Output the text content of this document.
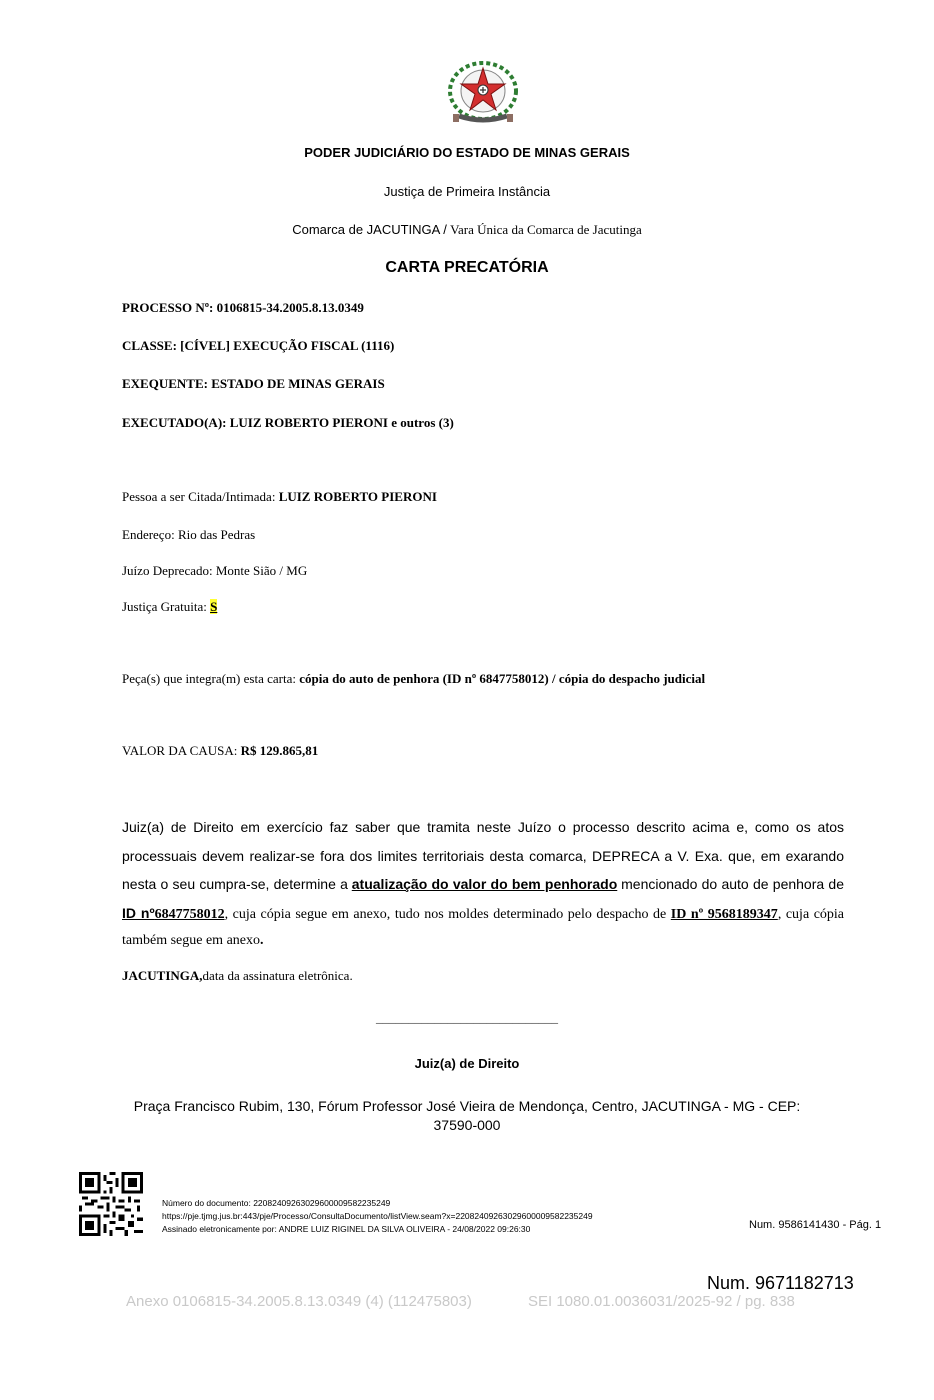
PODER JUDICIÁRIO DO ESTADO DE MINAS GERAIS
Justiça de Primeira Instância
Comarca de JACUTINGA / Vara Única da Comarca de Jacutinga
CARTA PRECATÓRIA
PROCESSO Nº: 0106815-34.2005.8.13.0349
CLASSE: [CÍVEL] EXECUÇÃO FISCAL (1116)
EXEQUENTE: ESTADO DE MINAS GERAIS
EXECUTADO(A): LUIZ ROBERTO PIERONI e outros (3)
Pessoa a ser Citada/Intimada: LUIZ ROBERTO PIERONI
Endereço: Rio das Pedras
Juízo Deprecado: Monte Sião / MG
Justiça Gratuita: S
Peça(s) que integra(m) esta carta: cópia do auto de penhora (ID nº 6847758012) / cópia do despacho judicial
VALOR DA CAUSA: R$ 129.865,81
Juiz(a) de Direito em exercício faz saber que tramita neste Juízo o processo descrito acima e, como os atos processuais devem realizar-se fora dos limites territoriais desta comarca, DEPRECA a V. Exa. que, em exarando nesta o seu cumpra-se, determine a atualização do valor do bem penhorado mencionado do auto de penhora de ID nº6847758012, cuja cópia segue em anexo, tudo nos moldes determinado pelo despacho de ID nº 9568189347, cuja cópia também segue em anexo.
JACUTINGA,data da assinatura eletrônica.
____________________________
Juiz(a) de Direito
Praça Francisco Rubim, 130, Fórum Professor José Vieira de Mendonça, Centro, JACUTINGA - MG - CEP:
37590-000
Número do documento: 22082409263029600009582235249
https://pje.tjmg.jus.br:443/pje/Processo/ConsultaDocumento/listView.seam?x=22082409263029600009582235249
Assinado eletronicamente por: ANDRE LUIZ RIGINEL DA SILVA OLIVEIRA - 24/08/2022 09:26:30	Num. 9586141430 - Pág. 1
Num. 9671182713
Anexo 0106815-34.2005.8.13.0349 (4) (112475803)	SEI 1080.01.0036031/2025-92 / pg. 838
